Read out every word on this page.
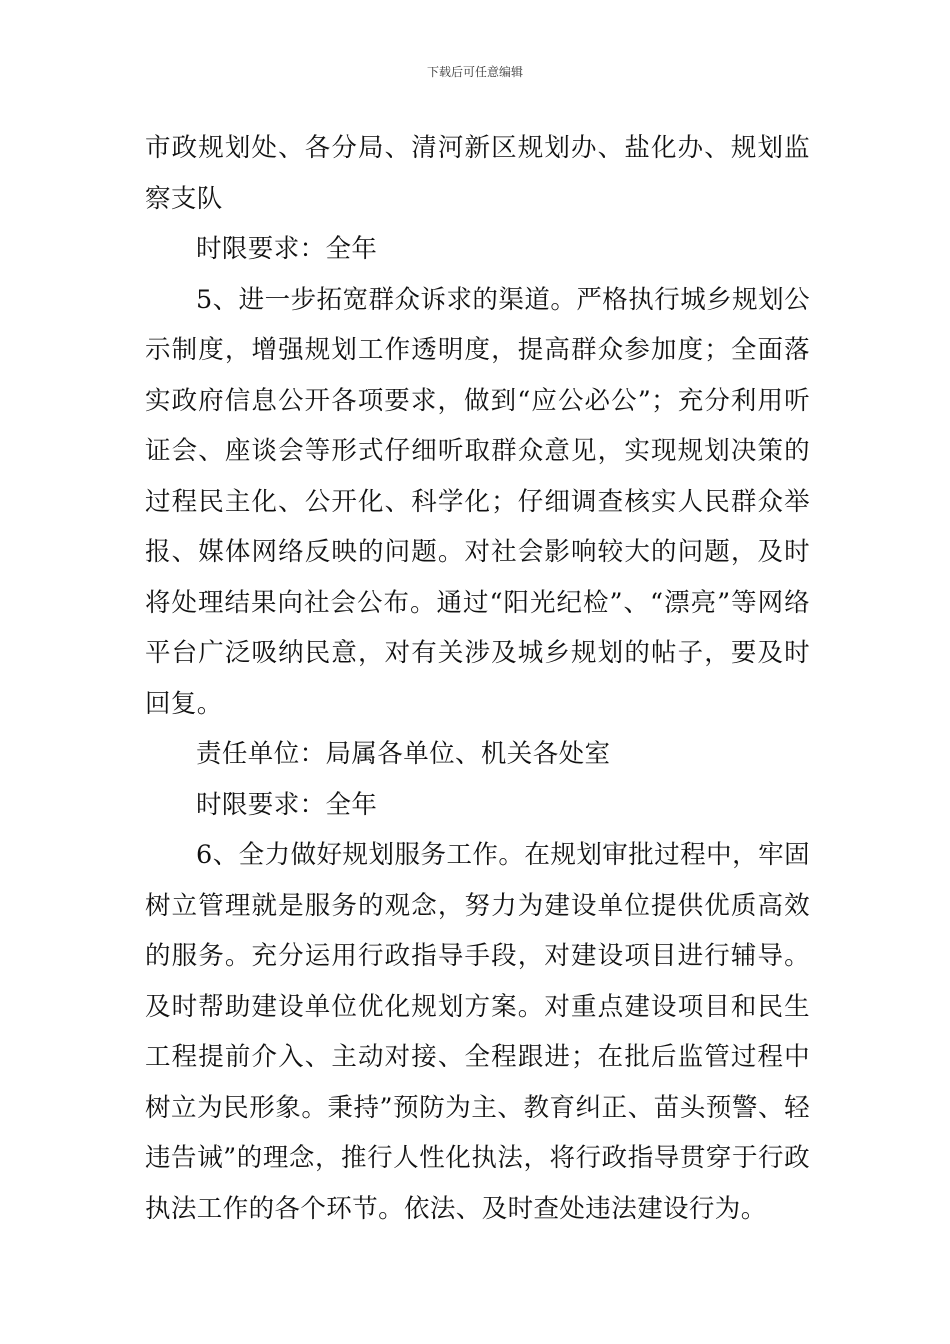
下载后可任意编辑

市政规划处、各分局、清河新区规划办、盐化办、规划监察支队

时限要求：全年

5、进一步拓宽群众诉求的渠道。严格执行城乡规划公示制度，增强规划工作透明度，提高群众参加度；全面落实政府信息公开各项要求，做到“应公必公”；充分利用听证会、座谈会等形式仔细听取群众意见，实现规划决策的过程民主化、公开化、科学化；仔细调查核实人民群众举报、媒体网络反映的问题。对社会影响较大的问题，及时将处理结果向社会公布。通过“阳光纪检”、“漂亮”等网络平台广泛吸纳民意，对有关涉及城乡规划的帖子，要及时回复。

责任单位：局属各单位、机关各处室

时限要求：全年

6、全力做好规划服务工作。在规划审批过程中，牢固树立管理就是服务的观念，努力为建设单位提供优质高效的服务。充分运用行政指导手段，对建设项目进行辅导。及时帮助建设单位优化规划方案。对重点建设项目和民生工程提前介入、主动对接、全程跟进；在批后监管过程中树立为民形象。秉持”预防为主、教育纠正、苗头预警、轻违告诫”的理念，推行人性化执法，将行政指导贯穿于行政执法工作的各个环节。依法、及时查处违法建设行为。
